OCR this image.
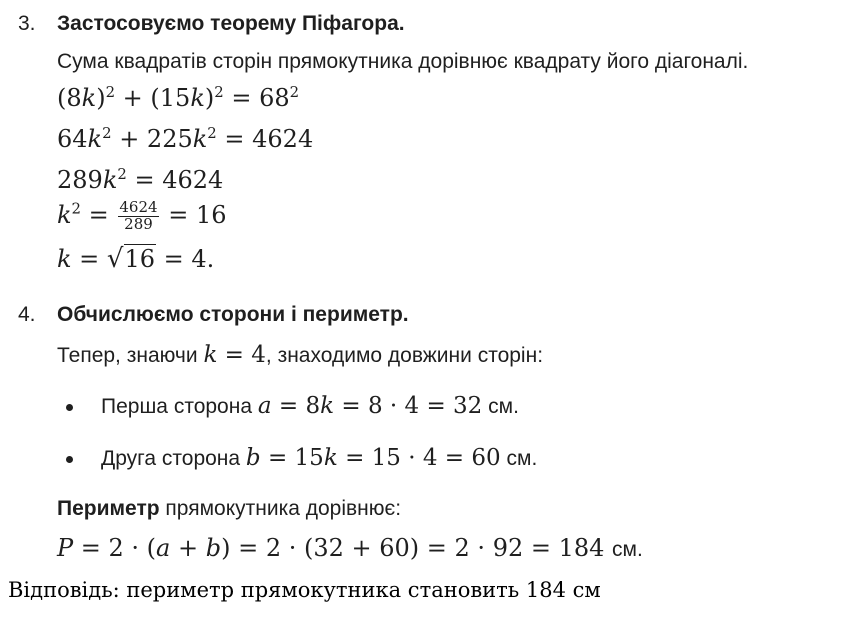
3. Застосовуємо теорему Піфагора.
Сума квадратів сторін прямокутника дорівнює квадрату його діагоналі.
$(8k)^2 + (15k)^2 = 68^2$
$64k^2 + 225k^2 = 4624$
$289k^2 = 4624$
$k^2 = \frac{4624}{289} = 16$
k = √16 = 4.
4. Обчислюємо сторони і периметр.
Тепер, знаючи k = 4, знаходимо довжини сторін:
Перша сторона a = 8k = 8 · 4 = 32 см.
Друга сторона b = 15k = 15 · 4 = 60 см.
Периметр прямокутника дорівнює:
P = 2 · (a + b) = 2 · (32 + 60) = 2 · 92 = 184 см.
Відповідь: периметр прямокутника становить 184 см
